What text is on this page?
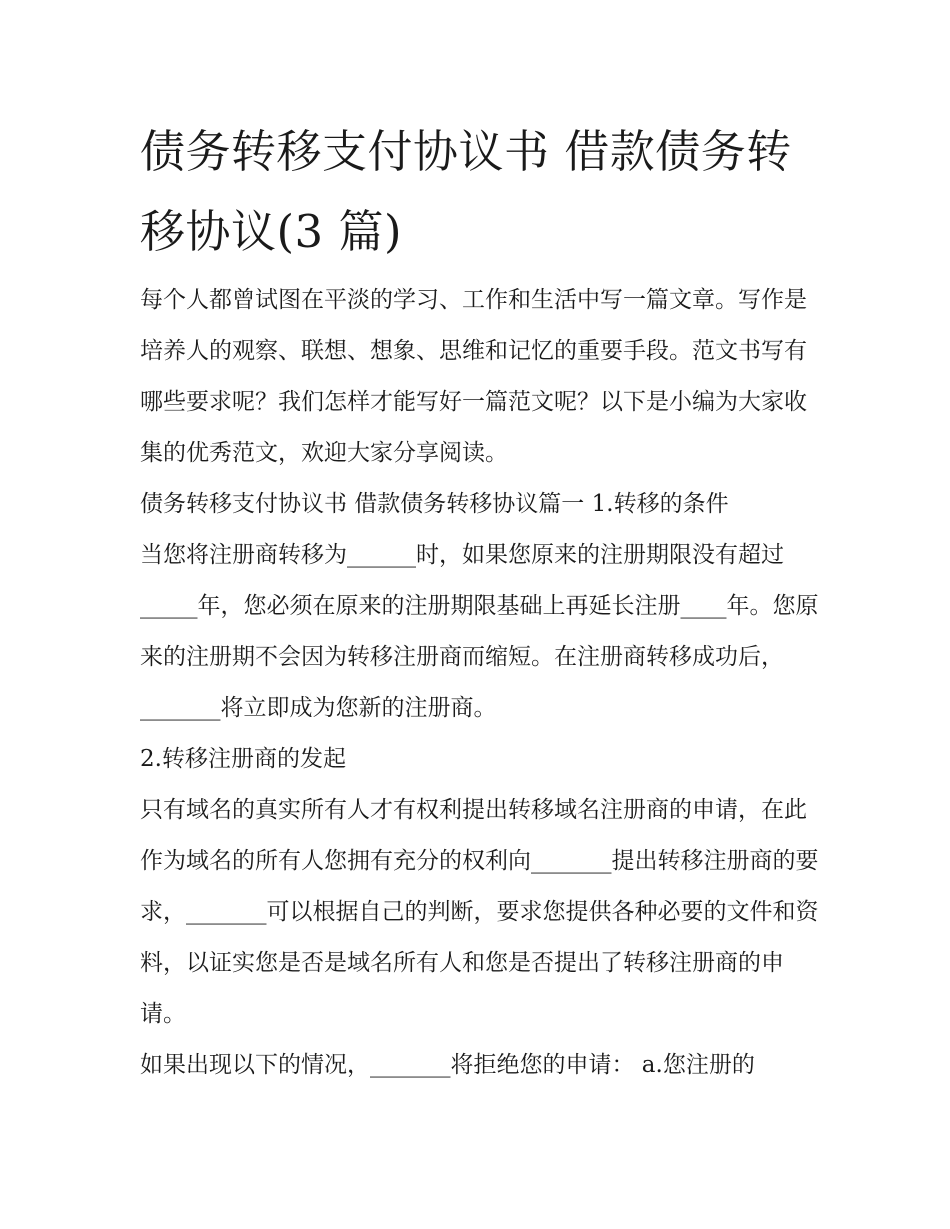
债务转移支付协议书 借款债务转移协议(3 篇)

每个人都曾试图在平淡的学习、工作和生活中写一篇文章。写作是培养人的观察、联想、想象、思维和记忆的重要手段。范文书写有哪些要求呢？我们怎样才能写好一篇范文呢？以下是小编为大家收集的优秀范文，欢迎大家分享阅读。

债务转移支付协议书 借款债务转移协议篇一 1.转移的条件

当您将注册商转移为______时，如果您原来的注册期限没有超过_____年，您必须在原来的注册期限基础上再延长注册____年。您原来的注册期不会因为转移注册商而缩短。在注册商转移成功后，_______将立即成为您新的注册商。

2.转移注册商的发起

只有域名的真实所有人才有权利提出转移域名注册商的申请，在此作为域名的所有人您拥有充分的权利向_______提出转移注册商的要求，_______可以根据自己的判断，要求您提供各种必要的文件和资料，以证实您是否是域名所有人和您是否提出了转移注册商的申请。

如果出现以下的情况，_______将拒绝您的申请： a.您注册的
